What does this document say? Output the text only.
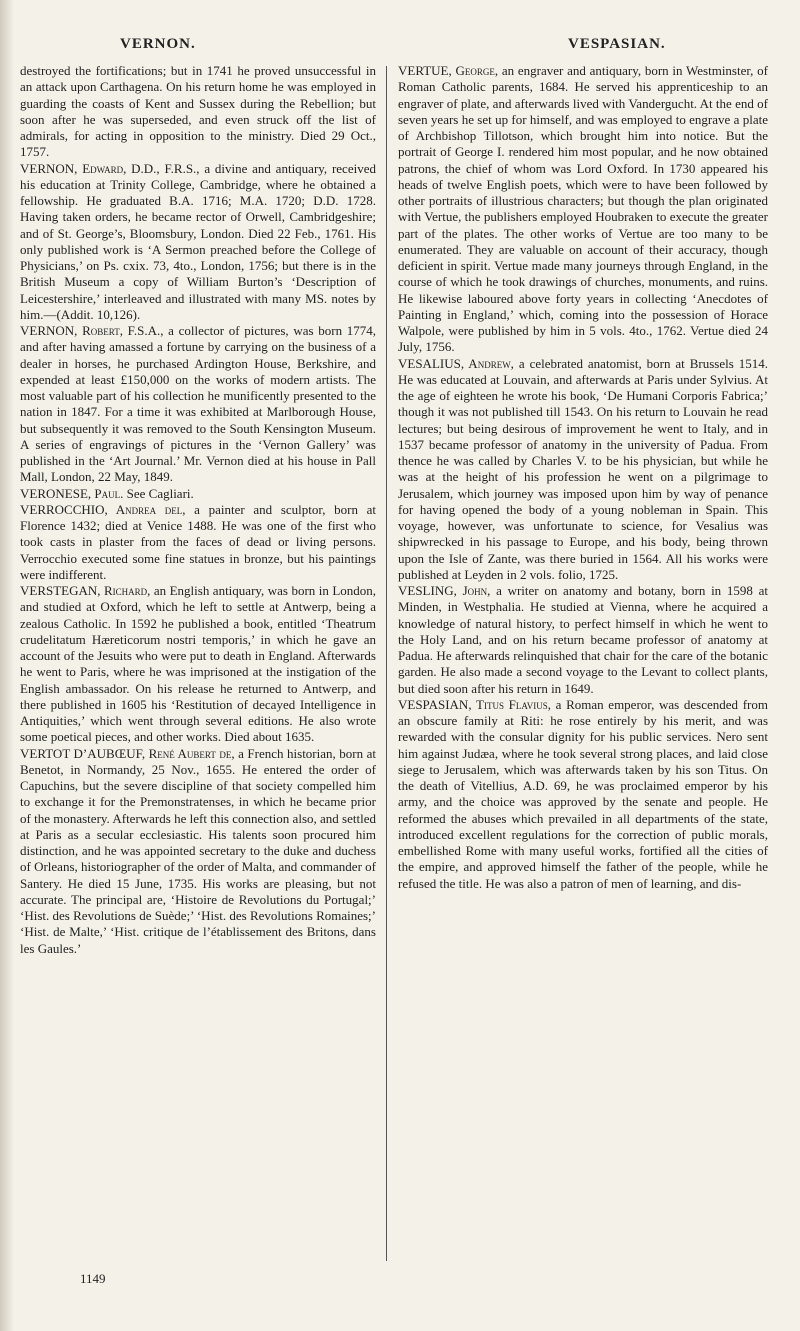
VERNON.	VESPASIAN.

destroyed the fortifications; but in 1741 he proved unsuccessful in an attack upon Carthagena. On his return home he was employed in guarding the coasts of Kent and Sussex during the Rebellion; but soon after he was superseded, and even struck off the list of admirals, for acting in opposition to the ministry. Died 29 Oct., 1757.

VERNON, Edward, D.D., F.R.S., a divine and antiquary, received his education at Trinity College, Cambridge, where he obtained a fellowship. He graduated B.A. 1716; M.A. 1720; D.D. 1728. Having taken orders, he became rector of Orwell, Cambridgeshire; and of St. George’s, Bloomsbury, London. Died 22 Feb., 1761. His only published work is ‘A Sermon preached before the College of Physicians,’ on Ps. cxix. 73, 4to., London, 1756; but there is in the British Museum a copy of William Burton’s ‘Description of Leicestershire,’ interleaved and illustrated with many MS. notes by him.—(Addit. 10,126).

VERNON, Robert, F.S.A., a collector of pictures, was born 1774, and after having amassed a fortune by carrying on the business of a dealer in horses, he purchased Ardington House, Berkshire, and expended at least £150,000 on the works of modern artists. The most valuable part of his collection he munificently presented to the nation in 1847. For a time it was exhibited at Marlborough House, but subsequently it was removed to the South Kensington Museum. A series of engravings of pictures in the ‘Vernon Gallery’ was published in the ‘Art Journal.’ Mr. Vernon died at his house in Pall Mall, London, 22 May, 1849.

VERONESE, Paul. See Cagliari.

VERROCCHIO, Andrea del, a painter and sculptor, born at Florence 1432; died at Venice 1488. He was one of the first who took casts in plaster from the faces of dead or living persons. Verrocchio executed some fine statues in bronze, but his paintings were indifferent.

VERSTEGAN, Richard, an English antiquary, was born in London, and studied at Oxford, which he left to settle at Antwerp, being a zealous Catholic. In 1592 he published a book, entitled ‘Theatrum crudelitatum Hæreticorum nostri temporis,’ in which he gave an account of the Jesuits who were put to death in England. Afterwards he went to Paris, where he was imprisoned at the instigation of the English ambassador. On his release he returned to Antwerp, and there published in 1605 his ‘Restitution of decayed Intelligence in Antiquities,’ which went through several editions. He also wrote some poetical pieces, and other works. Died about 1635.

VERTOT D’AUBŒUF, René Aubert de, a French historian, born at Benetot, in Normandy, 25 Nov., 1655. He entered the order of Capuchins, but the severe discipline of that society compelled him to exchange it for the Premonstratenses, in which he became prior of the monastery. Afterwards he left this connection also, and settled at Paris as a secular ecclesiastic. His talents soon procured him distinction, and he was appointed secretary to the duke and duchess of Orleans, historiographer of the order of Malta, and commander of Santery. He died 15 June, 1735. His works are pleasing, but not accurate. The principal are, ‘Histoire de Revolutions du Portugal;’ ‘Hist. des Revolutions de Suède;’ ‘Hist. des Revolutions Romaines;’ ‘Hist. de Malte,’ ‘Hist. critique de l’établissement des Britons, dans les Gaules.’

VERTUE, George, an engraver and antiquary, born in Westminster, of Roman Catholic parents, 1684. He served his apprenticeship to an engraver of plate, and afterwards lived with Vandergucht. At the end of seven years he set up for himself, and was employed to engrave a plate of Archbishop Tillotson, which brought him into notice. But the portrait of George I. rendered him most popular, and he now obtained patrons, the chief of whom was Lord Oxford. In 1730 appeared his heads of twelve English poets, which were to have been followed by other portraits of illustrious characters; but though the plan originated with Vertue, the publishers employed Houbraken to execute the greater part of the plates. The other works of Vertue are too many to be enumerated. They are valuable on account of their accuracy, though deficient in spirit. Vertue made many journeys through England, in the course of which he took drawings of churches, monuments, and ruins. He likewise laboured above forty years in collecting ‘Anecdotes of Painting in England,’ which, coming into the possession of Horace Walpole, were published by him in 5 vols. 4to., 1762. Vertue died 24 July, 1756.

VESALIUS, Andrew, a celebrated anatomist, born at Brussels 1514. He was educated at Louvain, and afterwards at Paris under Sylvius. At the age of eighteen he wrote his book, ‘De Humani Corporis Fabrica;’ though it was not published till 1543. On his return to Louvain he read lectures; but being desirous of improvement he went to Italy, and in 1537 became professor of anatomy in the university of Padua. From thence he was called by Charles V. to be his physician, but while he was at the height of his profession he went on a pilgrimage to Jerusalem, which journey was imposed upon him by way of penance for having opened the body of a young nobleman in Spain. This voyage, however, was unfortunate to science, for Vesalius was shipwrecked in his passage to Europe, and his body, being thrown upon the Isle of Zante, was there buried in 1564. All his works were published at Leyden in 2 vols. folio, 1725.

VESLING, John, a writer on anatomy and botany, born in 1598 at Minden, in Westphalia. He studied at Vienna, where he acquired a knowledge of natural history, to perfect himself in which he went to the Holy Land, and on his return became professor of anatomy at Padua. He afterwards relinquished that chair for the care of the botanic garden. He also made a second voyage to the Levant to collect plants, but died soon after his return in 1649.

VESPASIAN, Titus Flavius, a Roman emperor, was descended from an obscure family at Riti: he rose entirely by his merit, and was rewarded with the consular dignity for his public services. Nero sent him against Judæa, where he took several strong places, and laid close siege to Jerusalem, which was afterwards taken by his son Titus. On the death of Vitellius, A.D. 69, he was proclaimed emperor by his army, and the choice was approved by the senate and people. He reformed the abuses which prevailed in all departments of the state, introduced excellent regulations for the correction of public morals, embellished Rome with many useful works, fortified all the cities of the empire, and approved himself the father of the people, while he refused the title. He was also a patron of men of learning, and dis-

1149
